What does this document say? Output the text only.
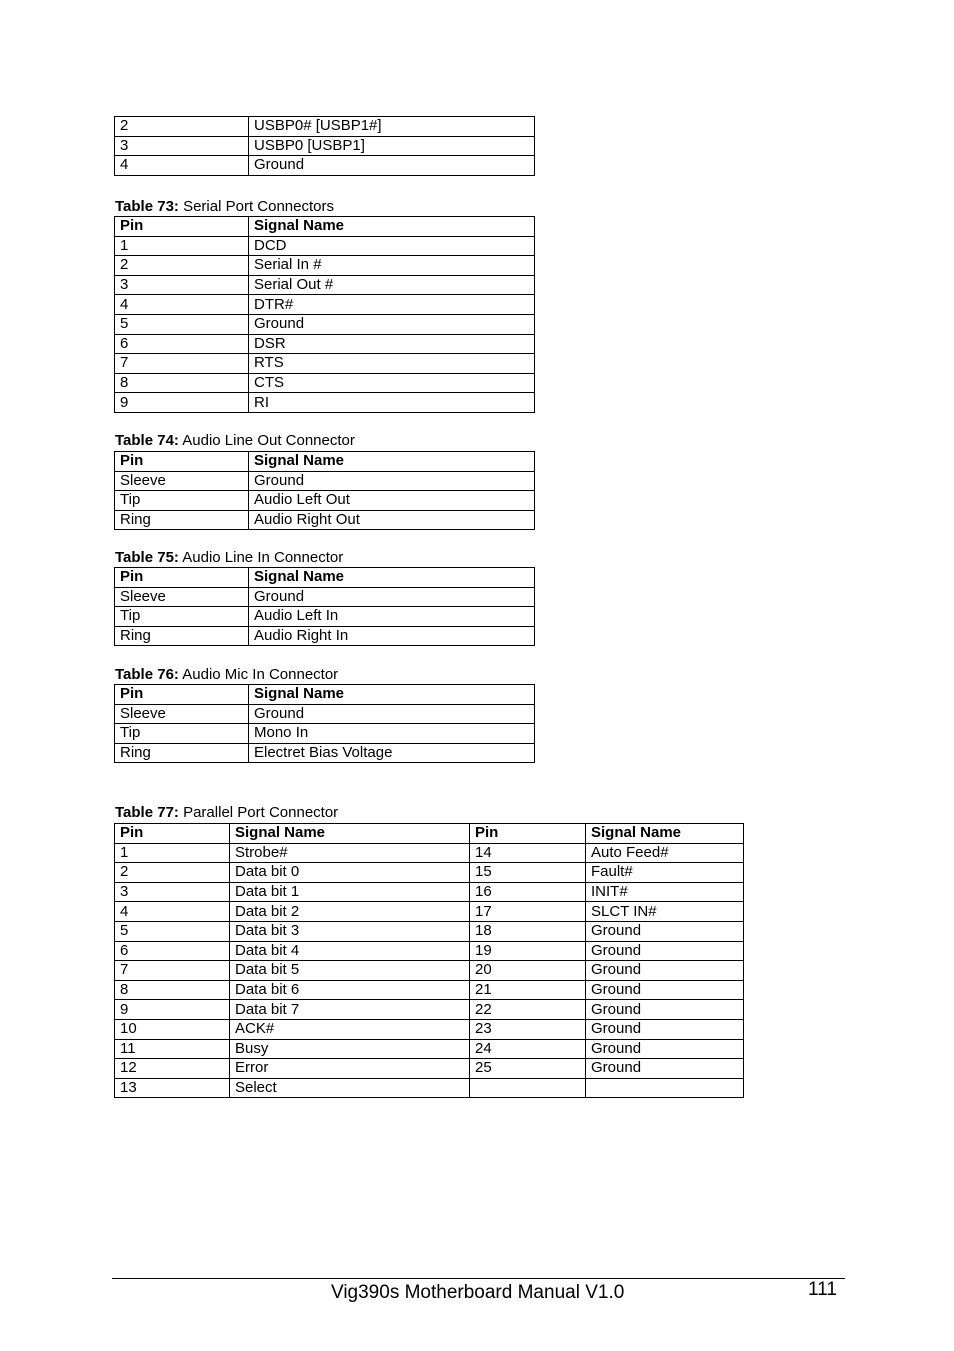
2	USBP0# [USBP1#]
3	USBP0 [USBP1]
4	Ground
Table 73: Serial Port Connectors
Pin	Signal Name
1	DCD
2	Serial In #
3	Serial Out #
4	DTR#
5	Ground
6	DSR
7	RTS
8	CTS
9	RI
Table 74: Audio Line Out Connector
Pin	Signal Name
Sleeve	Ground
Tip	Audio Left Out
Ring	Audio Right Out
Table 75: Audio Line In Connector
Pin	Signal Name
Sleeve	Ground
Tip	Audio Left In
Ring	Audio Right In
Table 76: Audio Mic In Connector
Pin	Signal Name
Sleeve	Ground
Tip	Mono In
Ring	Electret Bias Voltage
Table 77: Parallel Port Connector
Pin	Signal Name	Pin	Signal Name
1	Strobe#	14	Auto Feed#
2	Data bit 0	15	Fault#
3	Data bit 1	16	INIT#
4	Data bit 2	17	SLCT IN#
5	Data bit 3	18	Ground
6	Data bit 4	19	Ground
7	Data bit 5	20	Ground
8	Data bit 6	21	Ground
9	Data bit 7	22	Ground
10	ACK#	23	Ground
11	Busy	24	Ground
12	Error	25	Ground
13	Select		
Vig390s Motherboard Manual V1.0	111
